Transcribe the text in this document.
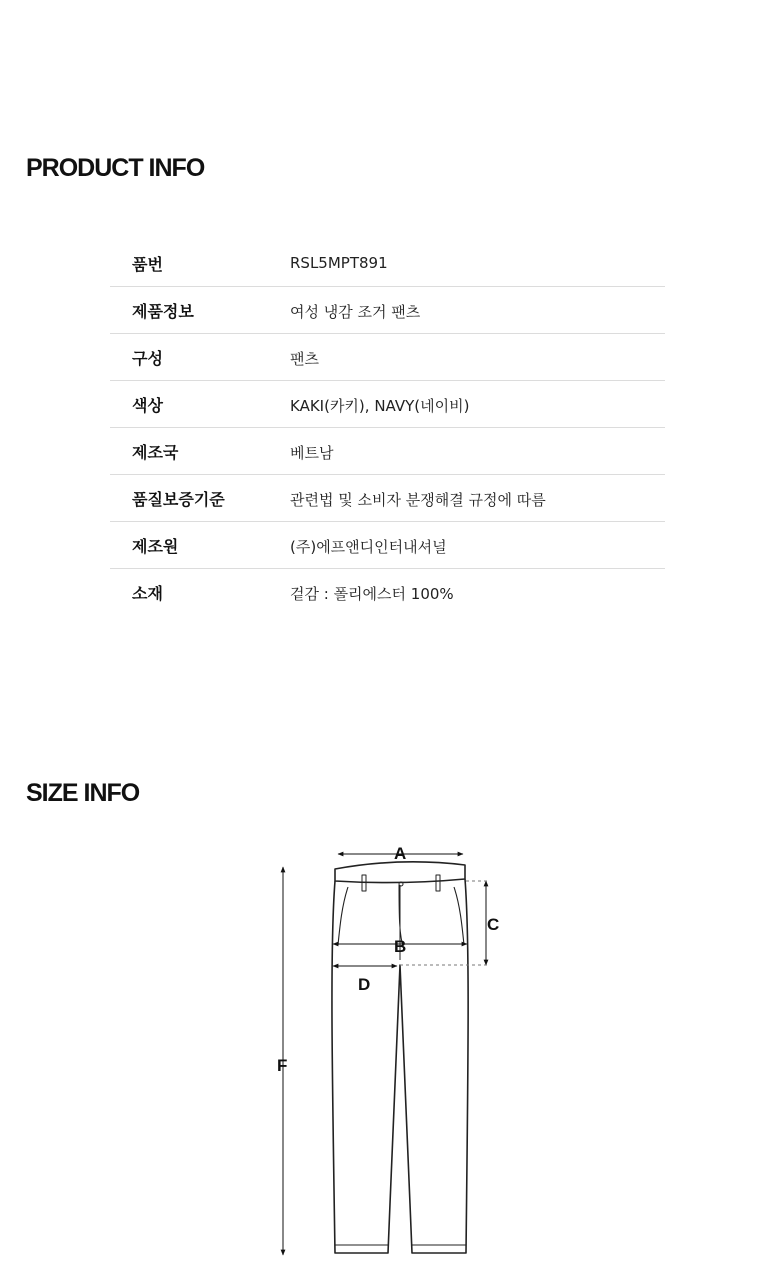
PRODUCT INFO
품번	RSL5MPT891
제품정보	여성 냉감 조거 팬츠
구성	팬츠
색상	KAKI(카키), NAVY(네이비)
제조국	베트남
품질보증기준	관련법 및 소비자 분쟁해결 규정에 따름
제조원	(주)에프앤디인터내셔널
소재	겉감 : 폴리에스터 100%
SIZE INFO
A
B
C
D
F
